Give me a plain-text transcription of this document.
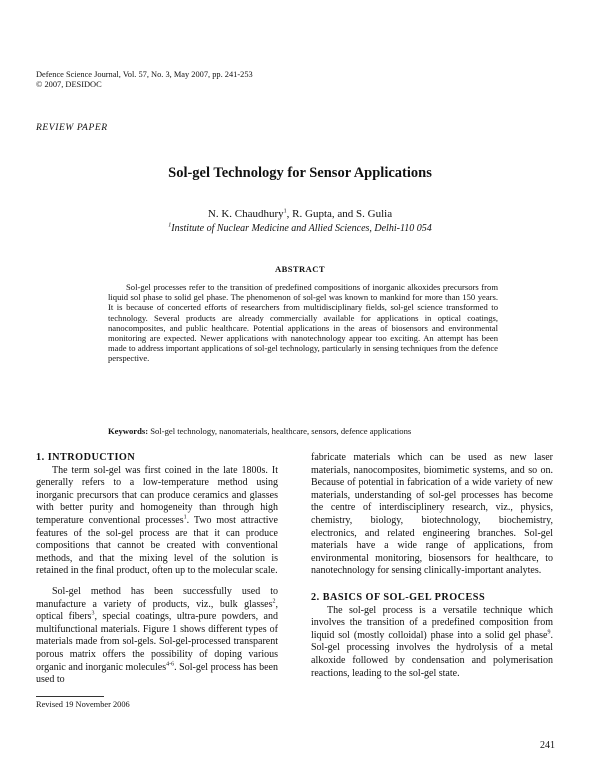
Defence Science Journal, Vol. 57, No. 3, May 2007, pp. 241-253
© 2007, DESIDOC
REVIEW PAPER
Sol-gel Technology for Sensor Applications
N. K. Chaudhury$^1$, R. Gupta, and S. Gulia
$^1$Institute of Nuclear Medicine and Allied Sciences, Delhi-110 054
ABSTRACT

Sol-gel processes refer to the transition of predefined compositions of inorganic alkoxides precursors from liquid sol phase to solid gel phase. The phenomenon of sol-gel was known to mankind for more than 150 years. It is because of concerted efforts of researchers from multidisciplinary fields, sol-gel science transformed to technology. Several products are already commercially available for applications in optical coatings, nanocomposites, and public healthcare. Potential applications in the areas of biosensors and environmental monitoring are expected. Newer applications with nanotechnology appear too exciting. An attempt has been made to address important applications of sol-gel technology, particularly in sensing techniques from the defence perspective.

Keywords: Sol-gel technology, nanomaterials, healthcare, sensors, defence applications

1. INTRODUCTION

The term sol-gel was first coined in the late 1800s. It generally refers to a low-temperature method using inorganic precursors that can produce ceramics and glasses with better purity and homogeneity than through high temperature conventional processes$^1$. Two most attractive features of the sol-gel process are that it can produce compositions that cannot be created with conventional methods, and that the mixing level of the solution is retained in the final product, often up to the molecular scale.

Sol-gel method has been successfully used to manufacture a variety of products, viz., bulk glasses$^2$, optical fibers$^3$, special coatings, ultra-pure powders, and multifunctional materials. Figure 1 shows different types of materials made from sol-gels. Sol-gel-processed transparent porous matrix offers the possibility of doping various organic and inorganic molecules$^{4-6}$. Sol-gel process has been used to

fabricate materials which can be used as new laser materials, nanocomposites, biomimetic systems, and so on. Because of potential in fabrication of a wide variety of new materials, understanding of sol-gel processes has become the centre of interdisciplinery research, viz., physics, chemistry, biology, biotechnology, biochemistry, electronics, and related engineering branches. Sol-gel materials have a wide range of applications, from environmental monitoring, biosensors for healthcare, to nanotechnology for sensing clinically-important analytes.

2. BASICS OF SOL-GEL PROCESS

The sol-gel process is a versatile technique which involves the transition of a predefined composition from liquid sol (mostly colloidal) phase into a solid gel phase$^9$. Sol-gel processing involves the hydrolysis of a metal alkoxide followed by condensation and polymerisation reactions, leading to the sol-gel state.

Revised 19 November 2006
241
